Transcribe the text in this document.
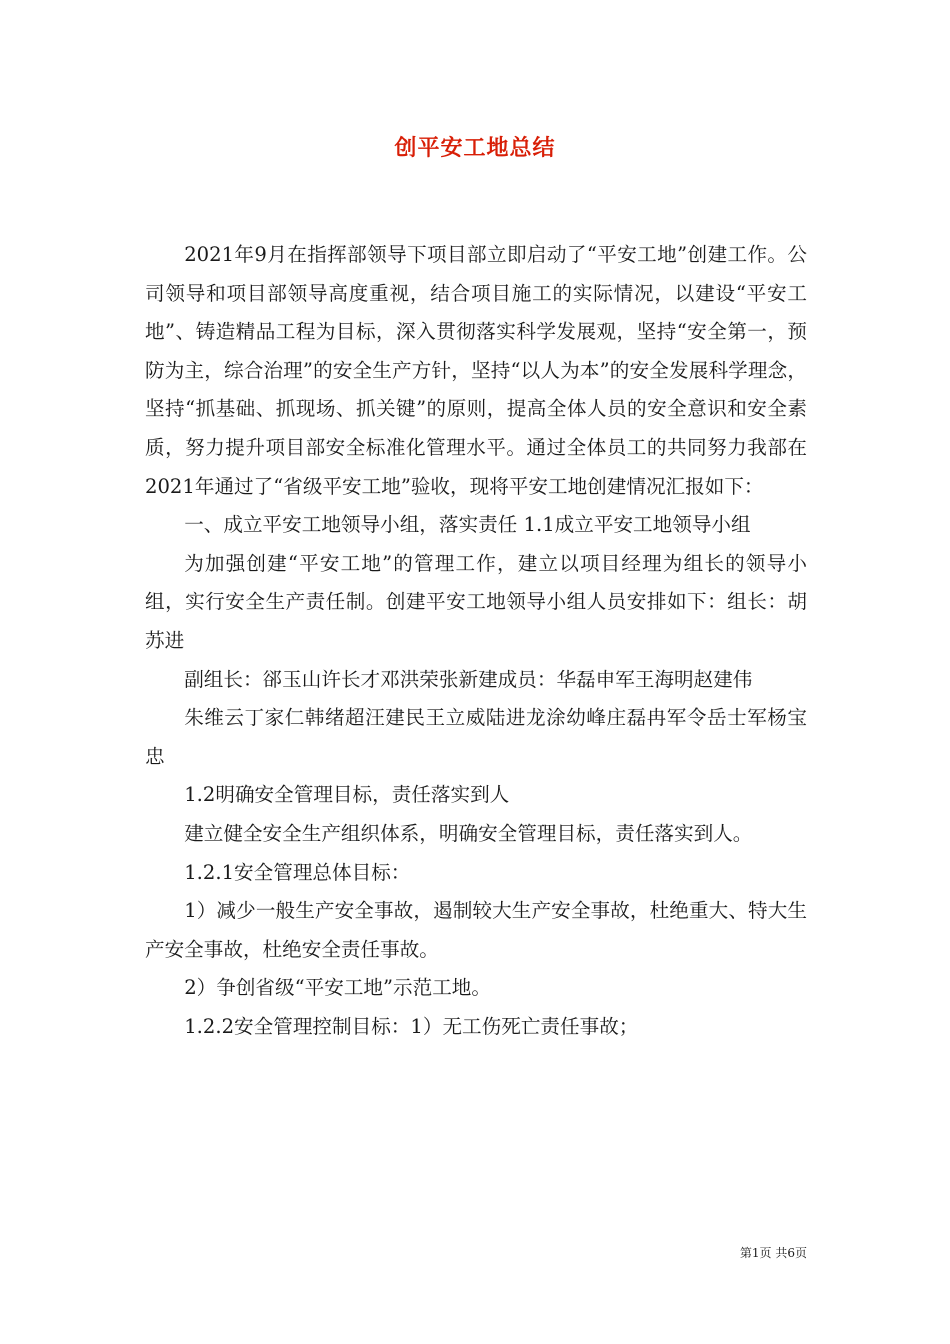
创平安工地总结

2021年9月在指挥部领导下项目部立即启动了“平安工地”创建工作。公司领导和项目部领导高度重视，结合项目施工的实际情况，以建设“平安工地”、铸造精品工程为目标，深入贯彻落实科学发展观，坚持“安全第一，预防为主，综合治理”的安全生产方针，坚持“以人为本”的安全发展科学理念，坚持“抓基础、抓现场、抓关键”的原则，提高全体人员的安全意识和安全素质，努力提升项目部安全标准化管理水平。通过全体员工的共同努力我部在2021年通过了“省级平安工地”验收，现将平安工地创建情况汇报如下：

一、成立平安工地领导小组，落实责任 1.1成立平安工地领导小组

为加强创建“平安工地”的管理工作，建立以项目经理为组长的领导小组，实行安全生产责任制。创建平安工地领导小组人员安排如下：组长：胡苏进

副组长：郤玉山许长才邓洪荣张新建成员：华磊申军王海明赵建伟

朱维云丁家仁韩绪超汪建民王立威陆进龙涂幼峰庄磊冉军令岳士军杨宝忠

1.2明确安全管理目标，责任落实到人

建立健全安全生产组织体系，明确安全管理目标，责任落实到人。

1.2.1安全管理总体目标：

1）减少一般生产安全事故，遏制较大生产安全事故，杜绝重大、特大生产安全事故，杜绝安全责任事故。

2）争创省级“平安工地”示范工地。

1.2.2安全管理控制目标：1）无工伤死亡责任事故；

第1页 共6页
